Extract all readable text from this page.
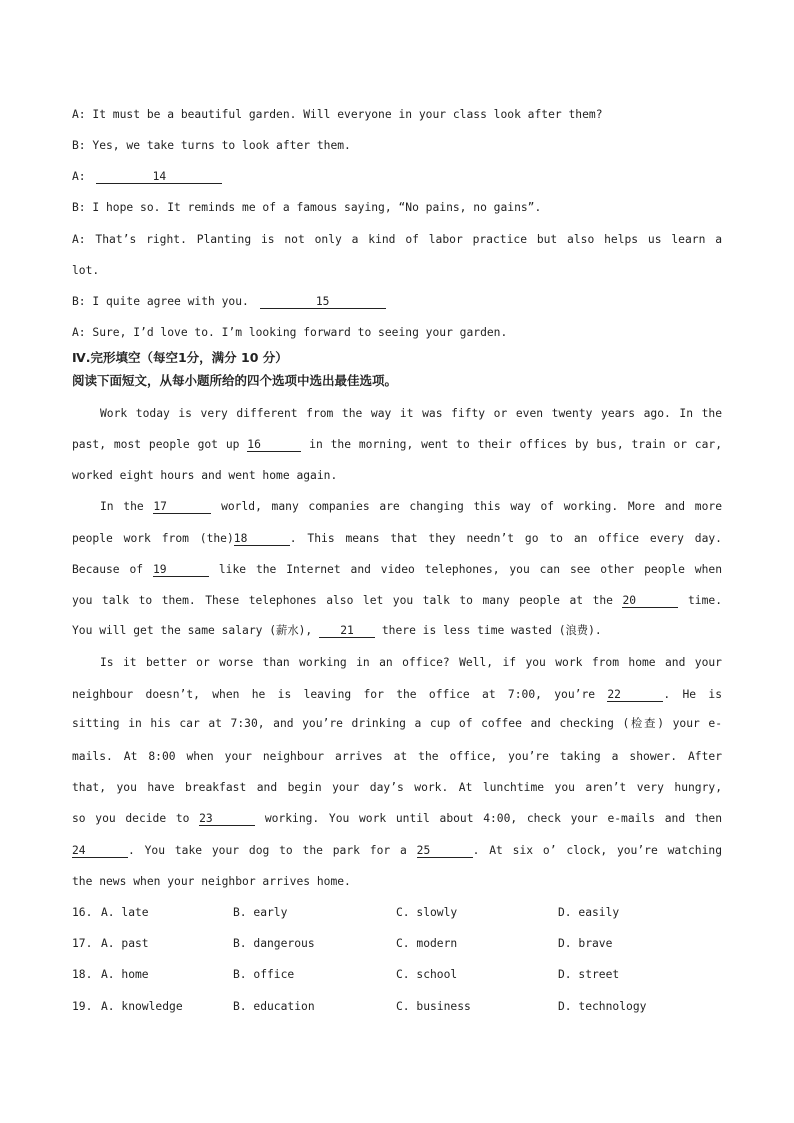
A: It must be a beautiful garden. Will everyone in your class look after them?
B: Yes, we take turns to look after them.
A:	14
B: I hope so. It reminds me of a famous saying, “No pains, no gains”.
A: That’s right. Planting is not only a kind of labor practice but also helps us learn a
lot.
B: I quite agree with you.	15
A: Sure, I’d love to. I’m looking forward to seeing your garden.
Ⅳ.完形填空（每空1分，满分 10 分）
阅读下面短文，从每小题所给的四个选项中选出最佳选项。
Work today is very different from the way it was fifty or even twenty years ago. In the
past, most people got up 16	in the morning, went to their offices by bus, train or car,
worked eight hours and went home again.
In the 17	world, many companies are changing this way of working. More and more
people work from (the)18	. This means that they needn’t go to an office every day.
Because of 19	like the Internet and video telephones, you can see other people when
you talk to them. These telephones also let you talk to many people at the 20	time.
You will get the same salary (薪水), 21 there is less time wasted (浪费).
Is it better or worse than working in an office? Well, if you work from home and your
neighbour doesn’t, when he is leaving for the office at 7:00, you’re 22	. He is
sitting in his car at 7:30, and you’re drinking a cup of coffee and checking (检查) your e-
mails. At 8:00 when your neighbour arrives at the office, you’re taking a shower. After
that, you have breakfast and begin your day’s work. At lunchtime you aren’t very hungry,
so you decide to 23	working. You work until about 4:00, check your e-mails and then
24	. You take your dog to the park for a 25	. At six o’ clock, you’re watching
the news when your neighbor arrives home.
16. A. late	B. early	C. slowly	D. easily
17. A. past	B. dangerous	C. modern	D. brave
18. A. home	B. office	C. school	D. street
19. A. knowledge	B. education	C. business	D. technology
